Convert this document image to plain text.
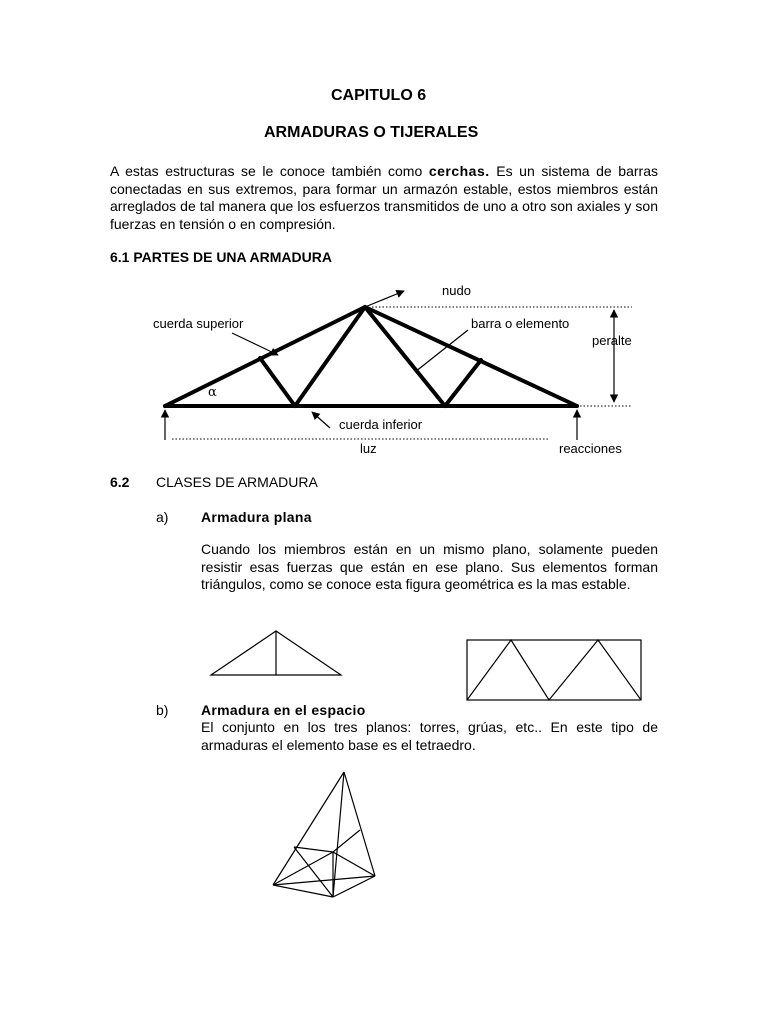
CAPITULO 6
ARMADURAS O TIJERALES
A estas estructuras se le conoce también como cerchas. Es un sistema de barras conectadas en sus extremos, para formar un armazón estable, estos miembros están arreglados de tal manera que los esfuerzos transmitidos de uno a otro son axiales y son fuerzas en tensión o en compresión.
6.1 PARTES DE UNA ARMADURA
nudo
cuerda superior	barra o elemento
peralte
α
cuerda inferior
luz	reacciones
6.2 CLASES DE ARMADURA
a) Armadura plana
Cuando los miembros están en un mismo plano, solamente pueden resistir esas fuerzas que están en ese plano. Sus elementos forman triángulos, como se conoce esta figura geométrica es la mas estable.
b) Armadura en el espacio
El conjunto en los tres planos: torres, grúas, etc.. En este tipo de armaduras el elemento base es el tetraedro.
